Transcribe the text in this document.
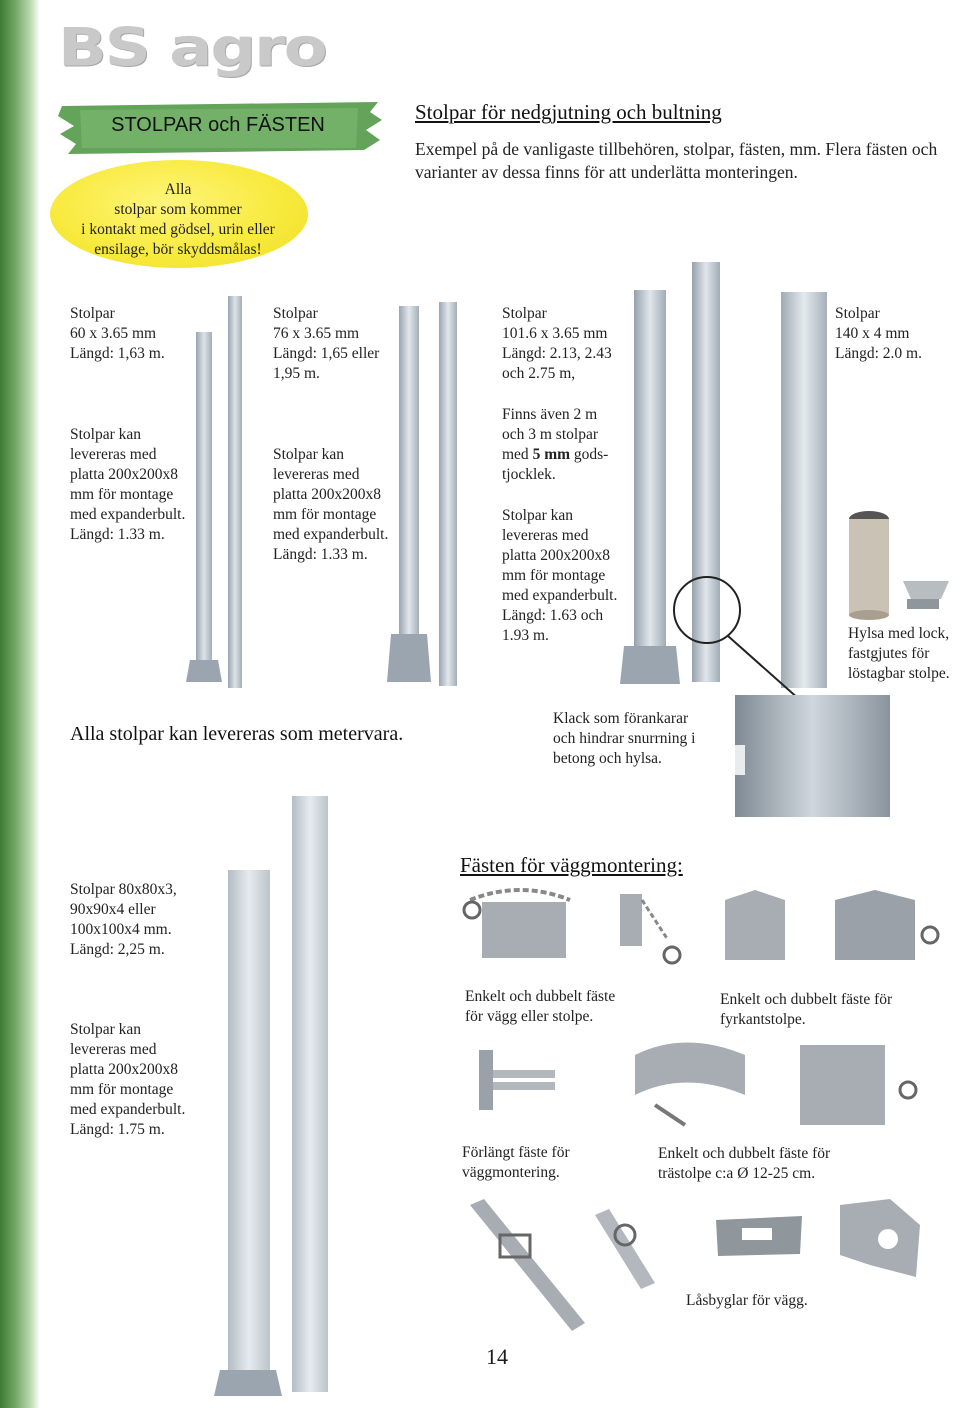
BS agro
STOLPAR och FÄSTEN
Alla
stolpar som kommer
i kontakt med gödsel, urin eller
ensilage, bör skyddsmålas!
Stolpar för nedgjutning och bultning
Exempel på de vanligaste tillbehören, stolpar, fästen, mm. Flera fästen och varianter av dessa finns för att underlätta monteringen.
Stolpar
60 x 3.65 mm
Längd: 1,63 m.
Stolpar kan
levereras med
platta 200x200x8
mm för montage
med expanderbult.
Längd: 1.33 m.
Stolpar
76 x 3.65 mm
Längd: 1,65 eller
1,95 m.
Stolpar kan
levereras med
platta 200x200x8
mm för montage
med expanderbult.
Längd: 1.33 m.
Stolpar
101.6 x 3.65 mm
Längd: 2.13, 2.43
och 2.75 m,
Finns även 2 m
och 3 m stolpar
med 5 mm gods-
tjocklek.
Stolpar kan
levereras med
platta 200x200x8
mm för montage
med expanderbult.
Längd: 1.63 och
1.93 m.
Stolpar
140 x 4 mm
Längd: 2.0 m.
Hylsa med lock,
fastgjutes för
löstagbar stolpe.
Alla stolpar kan levereras som metervara.
Klack som förankarar
och hindrar snurrning i
betong och hylsa.
Stolpar 80x80x3,
90x90x4 eller
100x100x4 mm.
Längd: 2,25 m.
Stolpar kan
levereras med
platta 200x200x8
mm för montage
med expanderbult.
Längd: 1.75 m.
Fästen för väggmontering:
Enkelt och dubbelt fäste
för vägg eller stolpe.
Enkelt och dubbelt fäste för
fyrkantstolpe.
Förlängt fäste för
väggmontering.
Enkelt och dubbelt fäste för
trästolpe c:a Ø 12-25 cm.
Låsbyglar för vägg.
14
